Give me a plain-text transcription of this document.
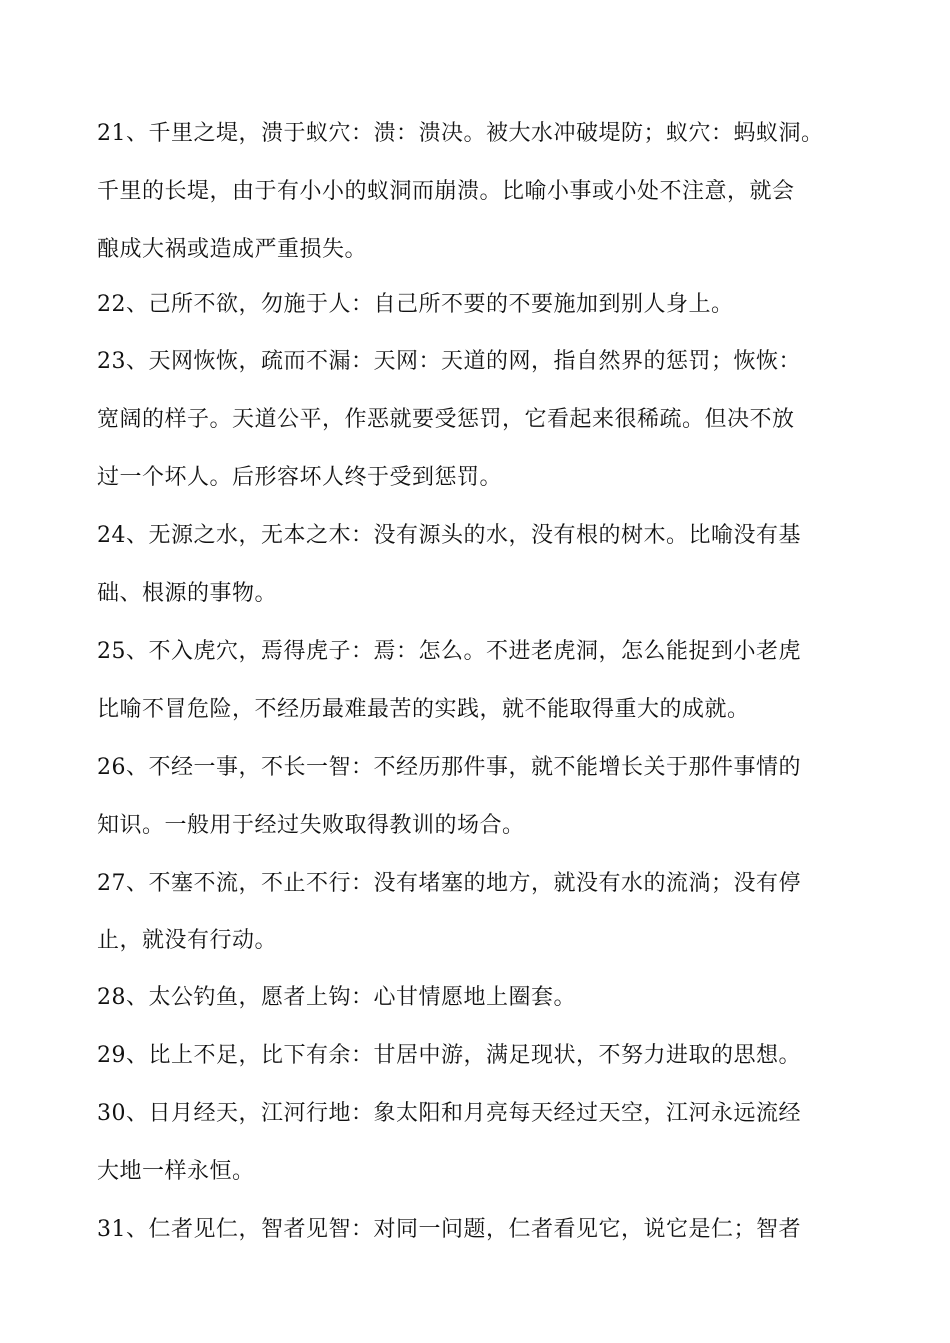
21、千里之堤，溃于蚁穴：溃：溃决。被大水冲破堤防；蚁穴：蚂蚁洞。
千里的长堤，由于有小小的蚁洞而崩溃。比喻小事或小处不注意，就会
酿成大祸或造成严重损失。
22、己所不欲，勿施于人：自己所不要的不要施加到别人身上。
23、天网恢恢，疏而不漏：天网：天道的网，指自然界的惩罚；恢恢：
宽阔的样子。天道公平，作恶就要受惩罚，它看起来很稀疏。但决不放
过一个坏人。后形容坏人终于受到惩罚。
24、无源之水，无本之木：没有源头的水，没有根的树木。比喻没有基
础、根源的事物。
25、不入虎穴，焉得虎子：焉：怎么。不进老虎洞，怎么能捉到小老虎
比喻不冒危险，不经历最难最苦的实践，就不能取得重大的成就。
26、不经一事，不长一智：不经历那件事，就不能增长关于那件事情的
知识。一般用于经过失败取得教训的场合。
27、不塞不流，不止不行：没有堵塞的地方，就没有水的流淌；没有停
止，就没有行动。
28、太公钓鱼，愿者上钩：心甘情愿地上圈套。
29、比上不足，比下有余：甘居中游，满足现状，不努力进取的思想。
30、日月经天，江河行地：象太阳和月亮每天经过天空，江河永远流经
大地一样永恒。
31、仁者见仁，智者见智：对同一问题，仁者看见它，说它是仁；智者
